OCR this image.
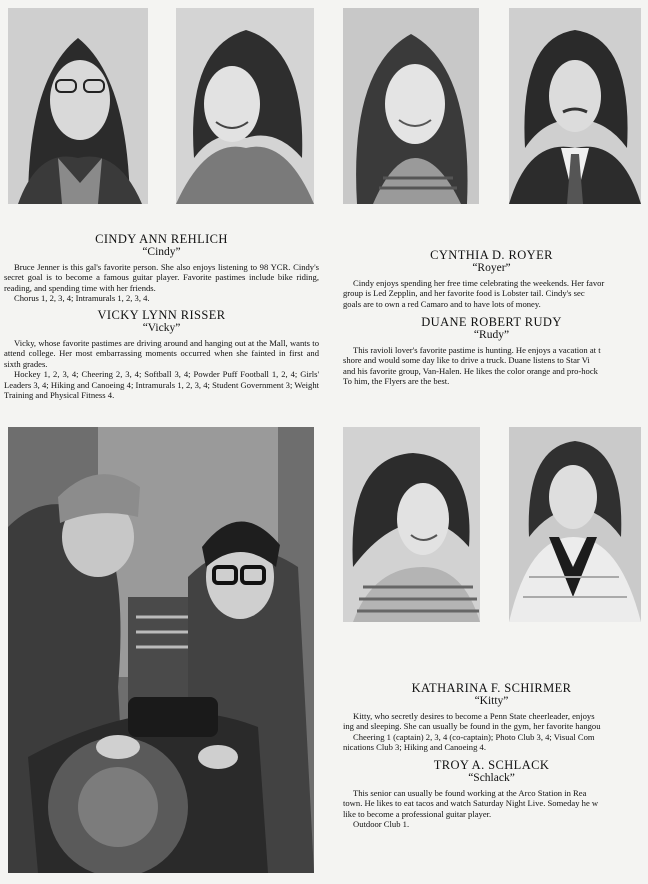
CINDY ANN REHLICH
“Cindy”

Bruce Jenner is this gal's favorite person. She also enjoys listening to 98 YCR. Cindy's secret goal is to become a famous guitar player. Favorite pastimes include bike riding, reading, and spending time with her friends.

Chorus 1, 2, 3, 4; Intramurals 1, 2, 3, 4.
VICKY LYNN RISSER
“Vicky”

Vicky, whose favorite pastimes are driving around and hanging out at the Mall, wants to attend college. Her most embarrassing moments occurred when she fainted in first and sixth grades.

Hockey 1, 2, 3, 4; Cheering 2, 3, 4; Softball 3, 4; Powder Puff Football 1, 2, 4; Girls' Leaders 3, 4; Hiking and Canoeing 4; Intramurals 1, 2, 3, 4; Student Government 3; Weight Training and Physical Fitness 4.
CYNTHIA D. ROYER
“Royer”

Cindy enjoys spending her free time celebrating the weekends. Her favor

group is Led Zepplin, and her favorite food is Lobster tail. Cindy's sec
goals are to own a red Camaro and to have lots of money.
DUANE ROBERT RUDY
“Rudy”

This ravioli lover's favorite pastime is hunting. He enjoys a vacation at t

shore and would some day like to drive a truck. Duane listens to Star Vi
and his favorite group, Van-Halen. He likes the color orange and pro-hock
To him, the Flyers are the best.
KATHARINA F. SCHIRMER
“Kitty”

Kitty, who secretly desires to become a Penn State cheerleader, enjoys

ing and sleeping. She can usually be found in the gym, her favorite hangou
Cheering 1 (captain) 2, 3, 4 (co-captain); Photo Club 3, 4; Visual Com
nications Club 3; Hiking and Canoeing 4.
TROY A. SCHLACK
“Schlack”

This senior can usually be found working at the Arco Station in Rea

town. He likes to eat tacos and watch Saturday Night Live. Someday he w
like to become a professional guitar player.
Outdoor Club 1.
